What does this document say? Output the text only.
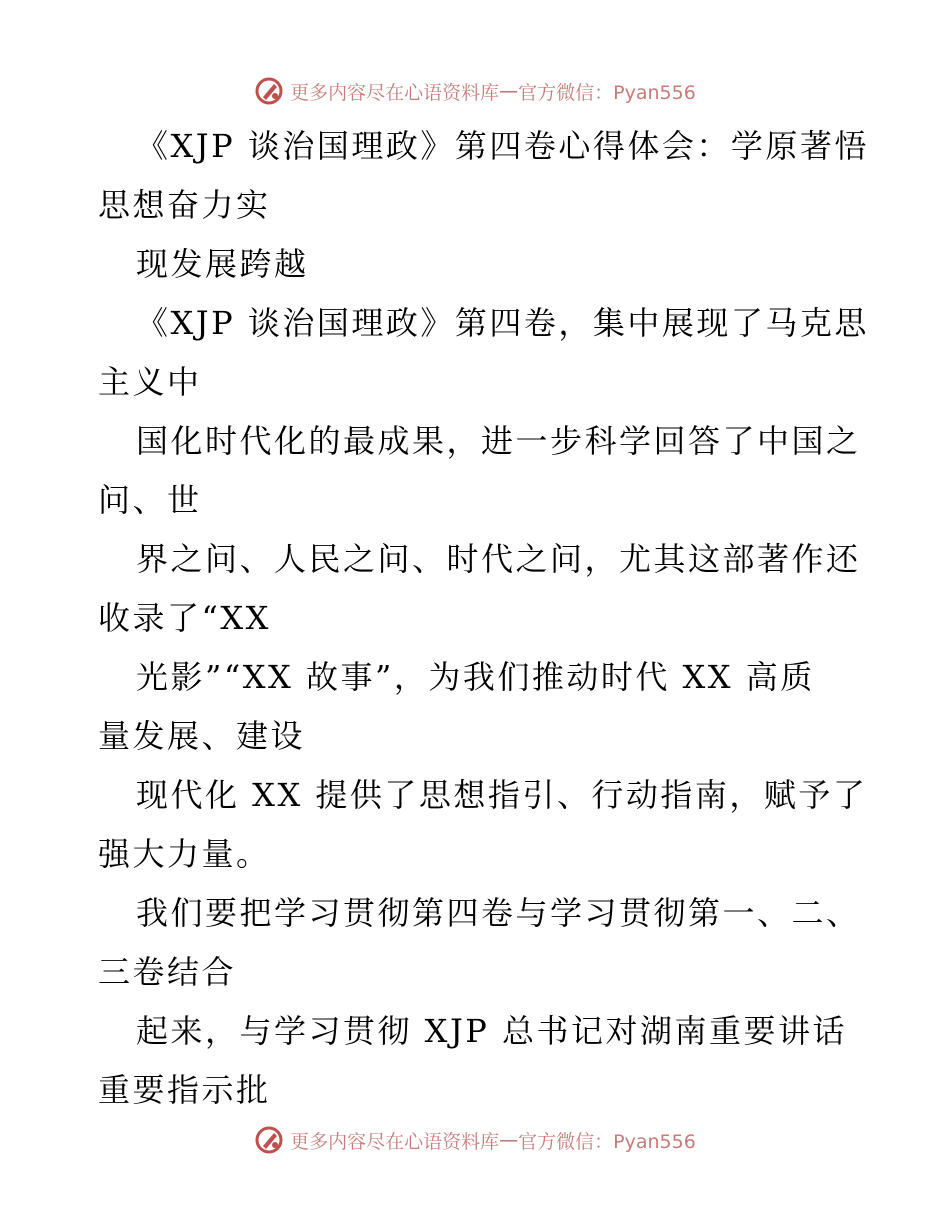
更多内容尽在心语资料库 — 官方微信：Pyan556
《XJP 谈治国理政》第四卷心得体会：学原著悟
思想奋力实
现发展跨越
《XJP 谈治国理政》第四卷，集中展现了马克思
主义中
国化时代化的最成果，进一步科学回答了中国之
问、世
界之问、人民之问、时代之问，尤其这部著作还
收录了“XX
光影”“XX 故事”，为我们推动时代 XX 高质
量发展、建设
现代化 XX 提供了思想指引、行动指南，赋予了
强大力量。
我们要把学习贯彻第四卷与学习贯彻第一、二、
三卷结合
起来，与学习贯彻 XJP 总书记对湖南重要讲话
重要指示批
更多内容尽在心语资料库 — 官方微信：Pyan556
